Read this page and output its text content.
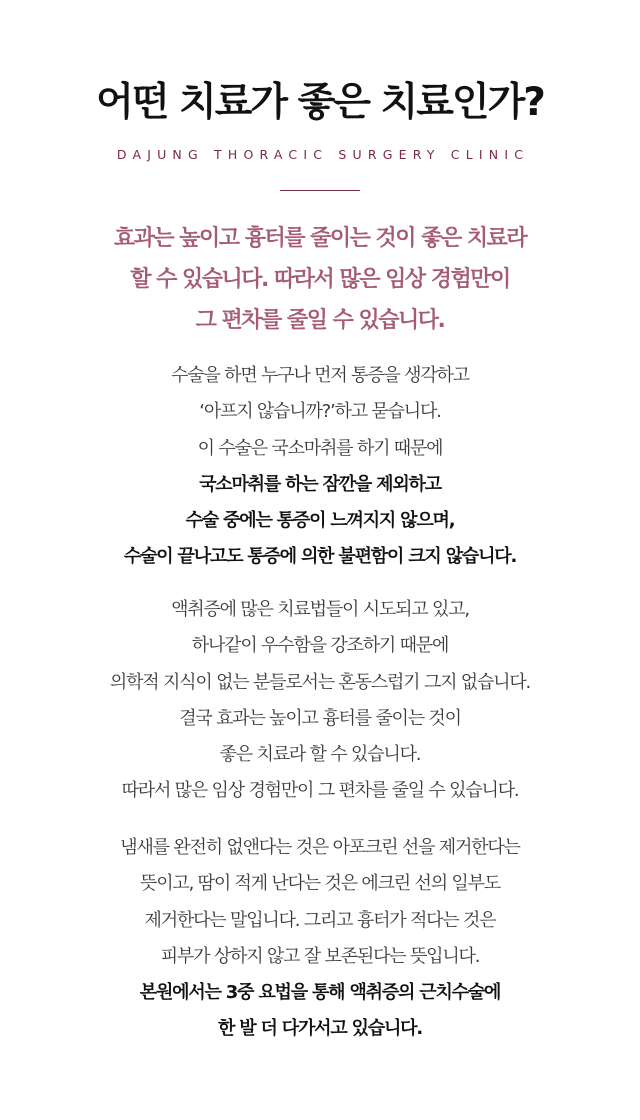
어떤 치료가 좋은 치료인가?
DAJUNG THORACIC SURGERY CLINIC
효과는 높이고 흉터를 줄이는 것이 좋은 치료라
할 수 있습니다. 따라서 많은 임상 경험만이
그 편차를 줄일 수 있습니다.
수술을 하면 누구나 먼저 통증을 생각하고
‘아프지 않습니까?’하고 묻습니다.
이 수술은 국소마취를 하기 때문에
국소마취를 하는 잠깐을 제외하고
수술 중에는 통증이 느껴지지 않으며,
수술이 끝나고도 통증에 의한 불편함이 크지 않습니다.
액취증에 많은 치료법들이 시도되고 있고,
하나같이 우수함을 강조하기 때문에
의학적 지식이 없는 분들로서는 혼동스럽기 그지 없습니다.
결국 효과는 높이고 흉터를 줄이는 것이
좋은 치료라 할 수 있습니다.
따라서 많은 임상 경험만이 그 편차를 줄일 수 있습니다.
냄새를 완전히 없앤다는 것은 아포크린 선을 제거한다는
뜻이고, 땀이 적게 난다는 것은 에크린 선의 일부도
제거한다는 말입니다. 그리고 흉터가 적다는 것은
피부가 상하지 않고 잘 보존된다는 뜻입니다.
본원에서는 3중 요법을 통해 액취증의 근치수술에
한 발 더 다가서고 있습니다.
